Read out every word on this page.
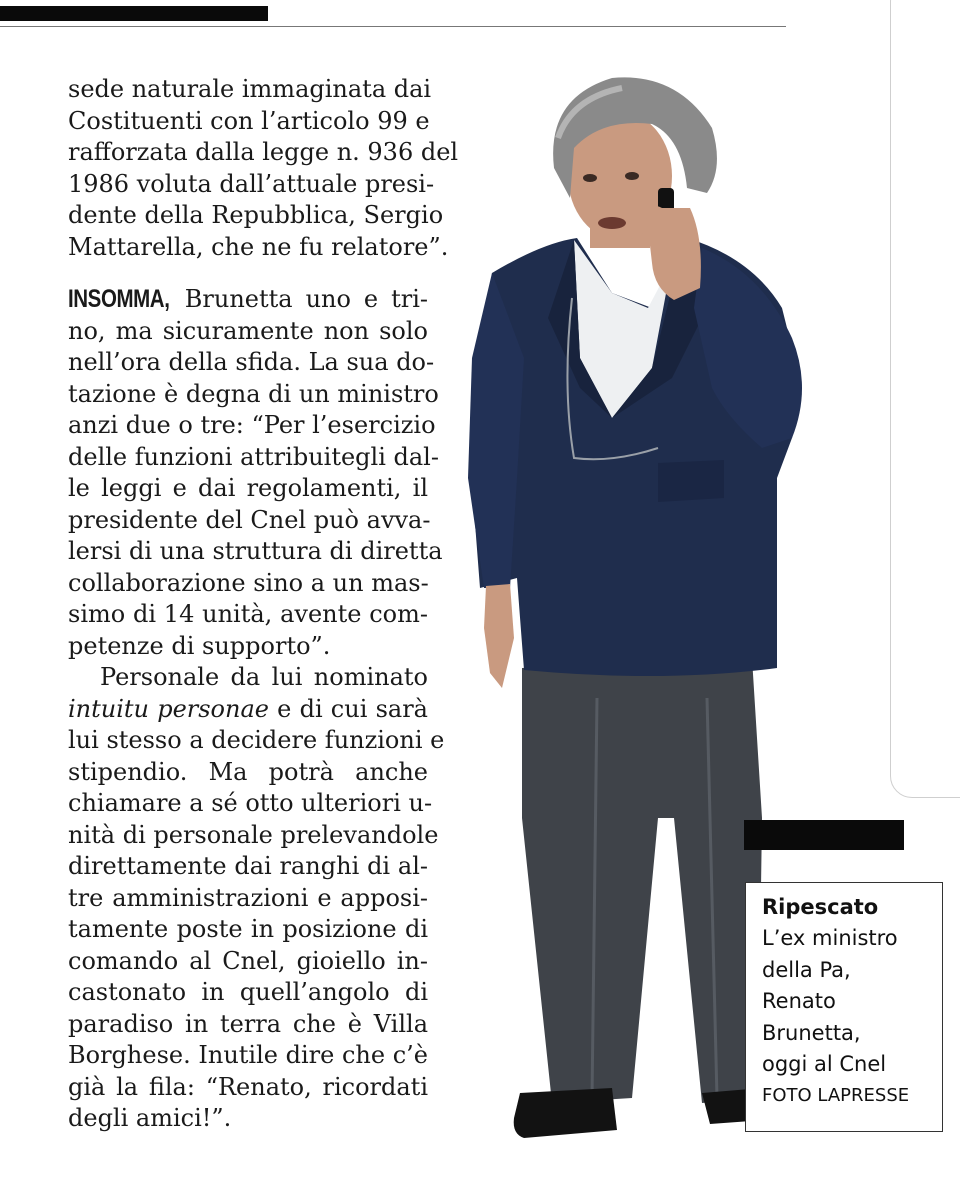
sede naturale immaginata dai
Costituenti con l’articolo 99 e
rafforzata dalla legge n. 936 del
1986 voluta dall’attuale presi-
dente della Repubblica, Sergio
Mattarella, che ne fu relatore”.
INSOMMA, Brunetta uno e tri-
no, ma sicuramente non solo
nell’ora della sfida. La sua do-
tazione è degna di un ministro
anzi due o tre: “Per l’esercizio
delle funzioni attribuitegli dal-
le leggi e dai regolamenti, il
presidente del Cnel può avva-
lersi di una struttura di diretta
collaborazione sino a un mas-
simo di 14 unità, avente com-
petenze di supporto”.
Personale da lui nominato
intuitu personae e di cui sarà
lui stesso a decidere funzioni e
stipendio. Ma potrà anche
chiamare a sé otto ulteriori u-
nità di personale prelevandole
direttamente dai ranghi di al-
tre amministrazioni e apposi-
tamente poste in posizione di
comando al Cnel, gioiello in-
castonato in quell’angolo di
paradiso in terra che è Villa
Borghese. Inutile dire che c’è
già la fila: “Renato, ricordati
degli amici!”.
Ripescato
L’ex ministro
della Pa,
Renato
Brunetta,
oggi al Cnel
FOTO LAPRESSE
